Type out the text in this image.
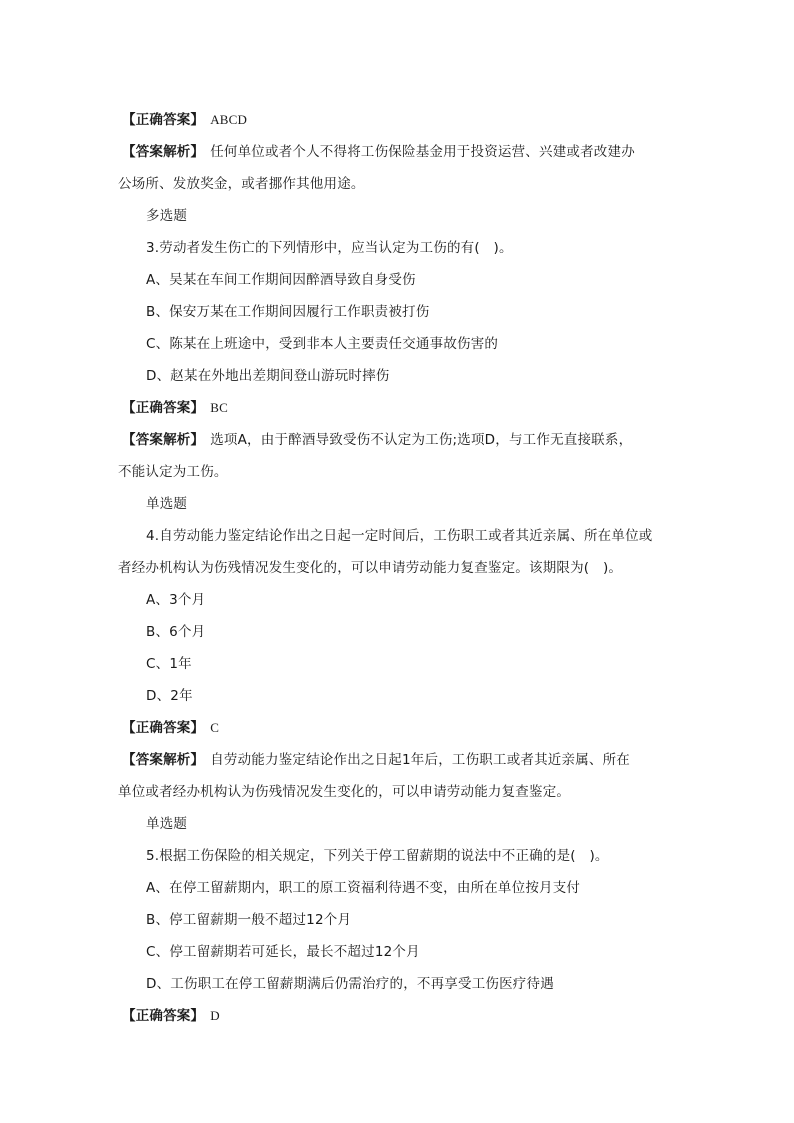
【正确答案】 ABCD
【答案解析】 任何单位或者个人不得将工伤保险基金用于投资运营、兴建或者改建办
公场所、发放奖金，或者挪作其他用途。
多选题
3.劳动者发生伤亡的下列情形中，应当认定为工伤的有(　)。
A、吴某在车间工作期间因醉酒导致自身受伤
B、保安万某在工作期间因履行工作职责被打伤
C、陈某在上班途中，受到非本人主要责任交通事故伤害的
D、赵某在外地出差期间登山游玩时摔伤
【正确答案】 BC
【答案解析】 选项A，由于醉酒导致受伤不认定为工伤;选项D，与工作无直接联系，
不能认定为工伤。
单选题
4.自劳动能力鉴定结论作出之日起一定时间后，工伤职工或者其近亲属、所在单位或
者经办机构认为伤残情况发生变化的，可以申请劳动能力复查鉴定。该期限为(　)。
A、3个月
B、6个月
C、1年
D、2年
【正确答案】 C
【答案解析】 自劳动能力鉴定结论作出之日起1年后，工伤职工或者其近亲属、所在
单位或者经办机构认为伤残情况发生变化的，可以申请劳动能力复查鉴定。
单选题
5.根据工伤保险的相关规定，下列关于停工留薪期的说法中不正确的是(　)。
A、在停工留薪期内，职工的原工资福利待遇不变，由所在单位按月支付
B、停工留薪期一般不超过12个月
C、停工留薪期若可延长，最长不超过12个月
D、工伤职工在停工留薪期满后仍需治疗的，不再享受工伤医疗待遇
【正确答案】 D
